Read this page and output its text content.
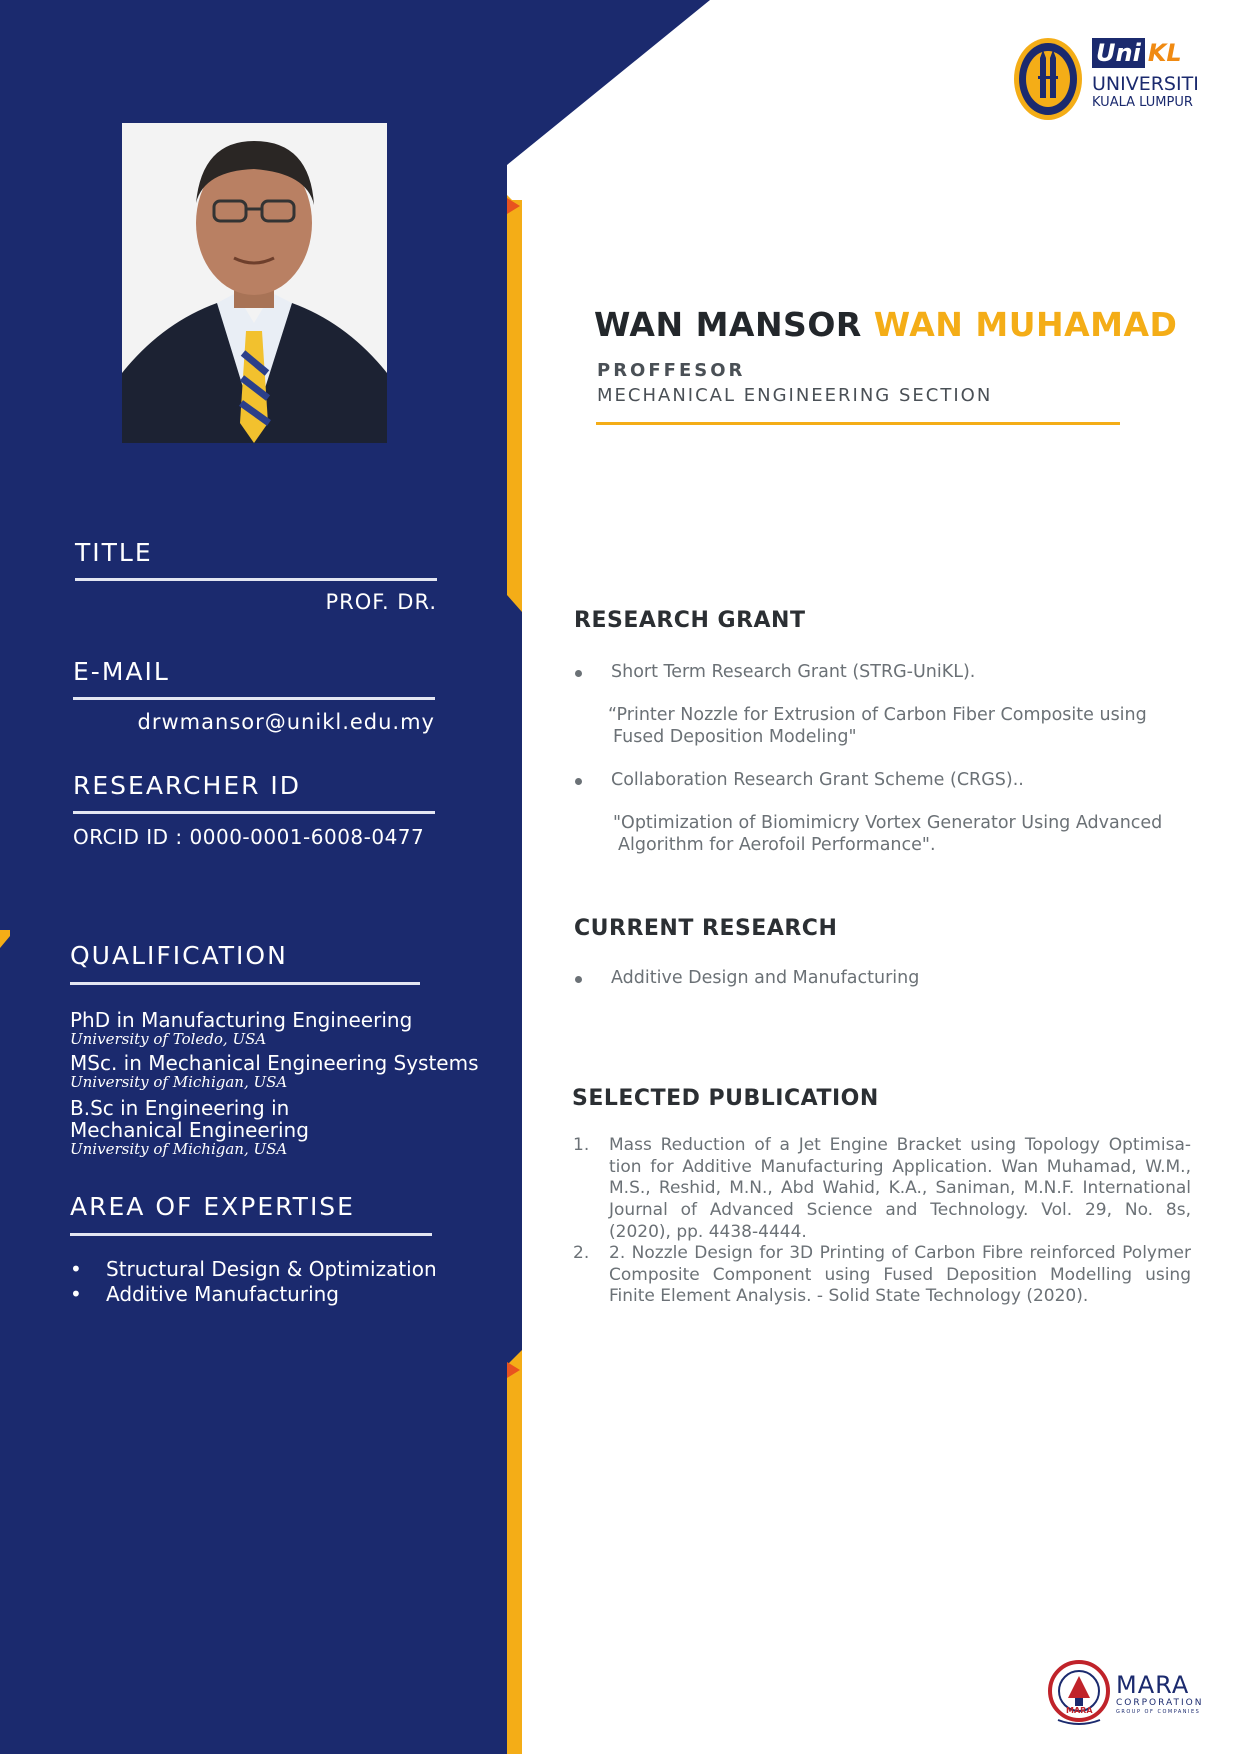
Uni KL
UNIVERSITI
KUALA LUMPUR
WAN MANSOR WAN MUHAMAD
PROFFESOR
MECHANICAL ENGINEERING SECTION
TITLE
PROF. DR.
E-MAIL
drwmansor@unikl.edu.my
RESEARCHER ID
ORCID ID : 0000-0001-6008-0477
QUALIFICATION
PhD in Manufacturing Engineering
University of Toledo, USA
MSc. in Mechanical Engineering Systems
University of Michigan, USA
B.Sc in Engineering in
Mechanical Engineering
University of Michigan, USA
AREA OF EXPERTISE
• Structural Design & Optimization
• Additive Manufacturing
RESEARCH GRANT
Short Term Research Grant (STRG-UniKL).
“Printer Nozzle for Extrusion of Carbon Fiber Composite using
Fused Deposition Modeling"
Collaboration Research Grant Scheme (CRGS)..
"Optimization of Biomimicry Vortex Generator Using Advanced
Algorithm for Aerofoil Performance".
CURRENT RESEARCH
Additive Design and Manufacturing
SELECTED PUBLICATION
1. Mass Reduction of a Jet Engine Bracket using Topology Optimisa-tion for Additive Manufacturing Application. Wan Muhamad, W.M., M.S., Reshid, M.N., Abd Wahid, K.A., Saniman, M.N.F. International Journal of Advanced Science and Technology. Vol. 29, No. 8s, (2020), pp. 4438-4444.
2. 2. Nozzle Design for 3D Printing of Carbon Fibre reinforced Polymer Composite Component using Fused Deposition Modelling using Finite Element Analysis. - Solid State Technology (2020).
MARA
MARA
CORPORATION
GROUP OF COMPANIES
